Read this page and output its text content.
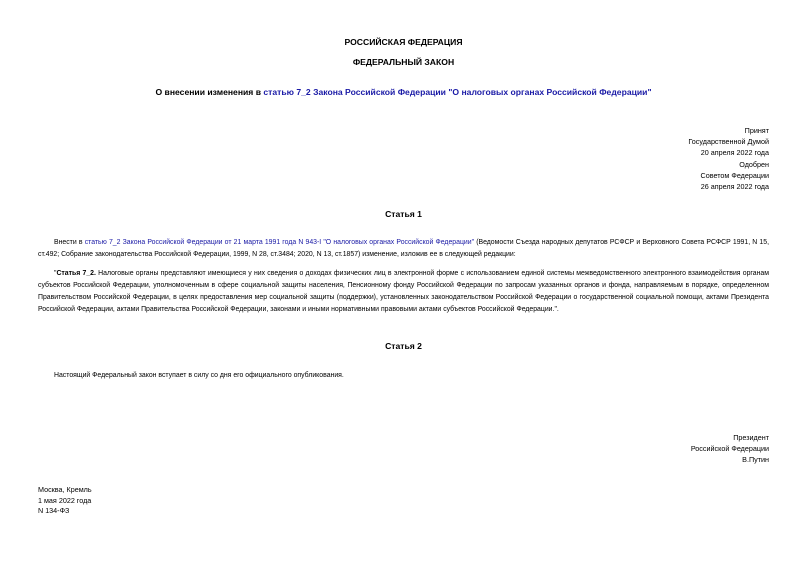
РОССИЙСКАЯ ФЕДЕРАЦИЯ
ФЕДЕРАЛЬНЫЙ ЗАКОН
О внесении изменения в статью 7_2 Закона Российской Федерации "О налоговых органах Российской Федерации"
Принят
Государственной Думой
20 апреля 2022 года
Одобрен
Советом Федерации
26 апреля 2022 года
Статья 1
Внести в статью 7_2 Закона Российской Федерации от 21 марта 1991 года N 943-I "О налоговых органах Российской Федерации" (Ведомости Съезда народных депутатов РСФСР и Верховного Совета РСФСР 1991, N 15, ст.492; Собрание законодательства Российской Федерации, 1999, N 28, ст.3484; 2020, N 13, ст.1857) изменение, изложив ее в следующей редакции:
"Статья 7_2. Налоговые органы представляют имеющиеся у них сведения о доходах физических лиц в электронной форме с использованием единой системы межведомственного электронного взаимодействия органам субъектов Российской Федерации, уполномоченным в сфере социальной защиты населения, Пенсионному фонду Российской Федерации по запросам указанных органов и фонда, направляемым в порядке, определенном Правительством Российской Федерации, в целях предоставления мер социальной защиты (поддержки), установленных законодательством Российской Федерации о государственной социальной помощи, актами Президента Российской Федерации, актами Правительства Российской Федерации, законами и иными нормативными правовыми актами субъектов Российской Федерации.".
Статья 2
Настоящий Федеральный закон вступает в силу со дня его официального опубликования.
Президент
Российской Федерации
В.Путин
Москва, Кремль
1 мая 2022 года
N 134-ФЗ
